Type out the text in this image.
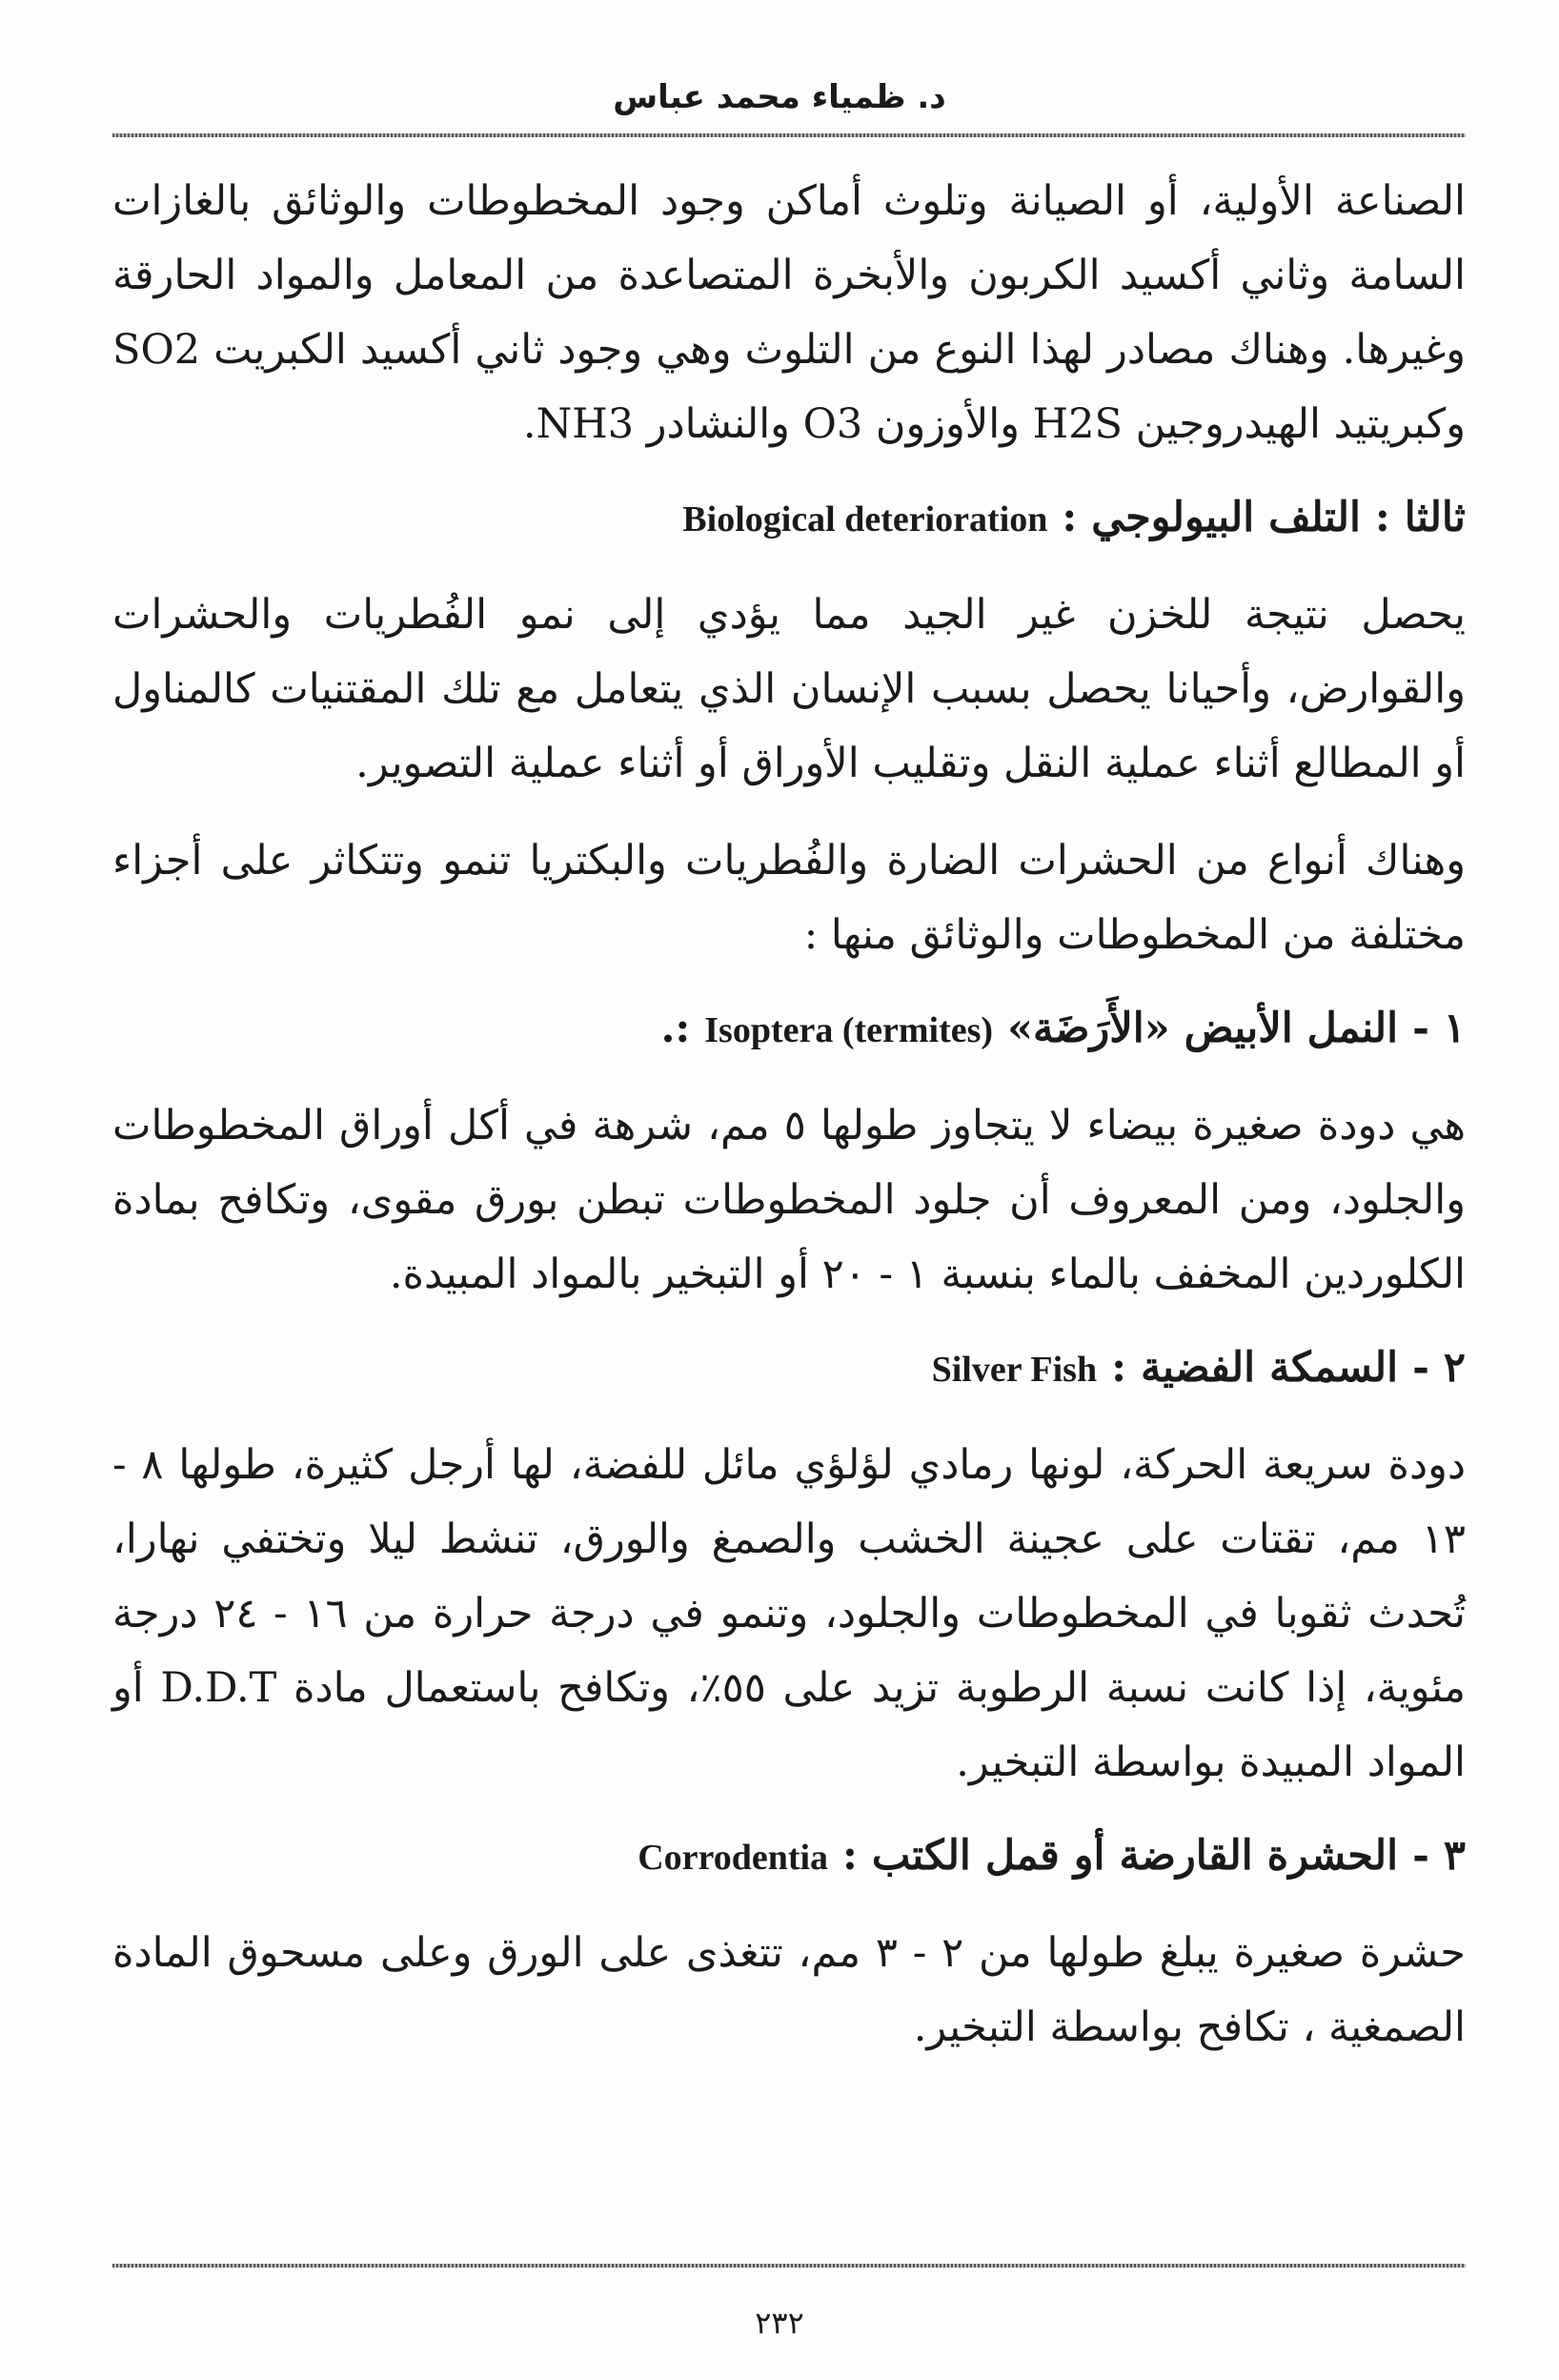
د. ظمياء محمد عباس

الصناعة الأولية، أو الصيانة وتلوث أماكن وجود المخطوطات والوثائق بالغازات السامة وثاني أكسيد الكربون والأبخرة المتصاعدة من المعامل والمواد الحارقة وغيرها. وهناك مصادر لهذا النوع من التلوث وهي وجود ثاني أكسيد الكبريت SO2 وكبريتيد الهيدروجين H2S والأوزون O3 والنشادر NH3.

ثالثا : التلف البيولوجي : Biological deterioration

يحصل نتيجة للخزن غير الجيد مما يؤدي إلى نمو الفُطريات والحشرات والقوارض، وأحيانا يحصل بسبب الإنسان الذي يتعامل مع تلك المقتنيات كالمناول أو المطالع أثناء عملية النقل وتقليب الأوراق أو أثناء عملية التصوير.

وهناك أنواع من الحشرات الضارة والفُطريات والبكتريا تنمو وتتكاثر على أجزاء مختلفة من المخطوطات والوثائق منها :

١ - النمل الأبيض «الأَرَضَة» Isoptera (termites) :.

هي دودة صغيرة بيضاء لا يتجاوز طولها ٥ مم، شرهة في أكل أوراق المخطوطات والجلود، ومن المعروف أن جلود المخطوطات تبطن بورق مقوى، وتكافح بمادة الكلوردين المخفف بالماء بنسبة ١ - ٢٠ أو التبخير بالمواد المبيدة.

٢ - السمكة الفضية : Silver Fish

دودة سريعة الحركة، لونها رمادي لؤلؤي مائل للفضة، لها أرجل كثيرة، طولها ٨ - ١٣ مم، تقتات على عجينة الخشب والصمغ والورق، تنشط ليلا وتختفي نهارا، تُحدث ثقوبا في المخطوطات والجلود، وتنمو في درجة حرارة من ١٦ - ٢٤ درجة مئوية، إذا كانت نسبة الرطوبة تزيد على ٥٥٪، وتكافح باستعمال مادة D.D.T أو المواد المبيدة بواسطة التبخير.

٣ - الحشرة القارضة أو قمل الكتب : Corrodentia

حشرة صغيرة يبلغ طولها من ٢ - ٣ مم، تتغذى على الورق وعلى مسحوق المادة الصمغية ، تكافح بواسطة التبخير.

٢٣٢
